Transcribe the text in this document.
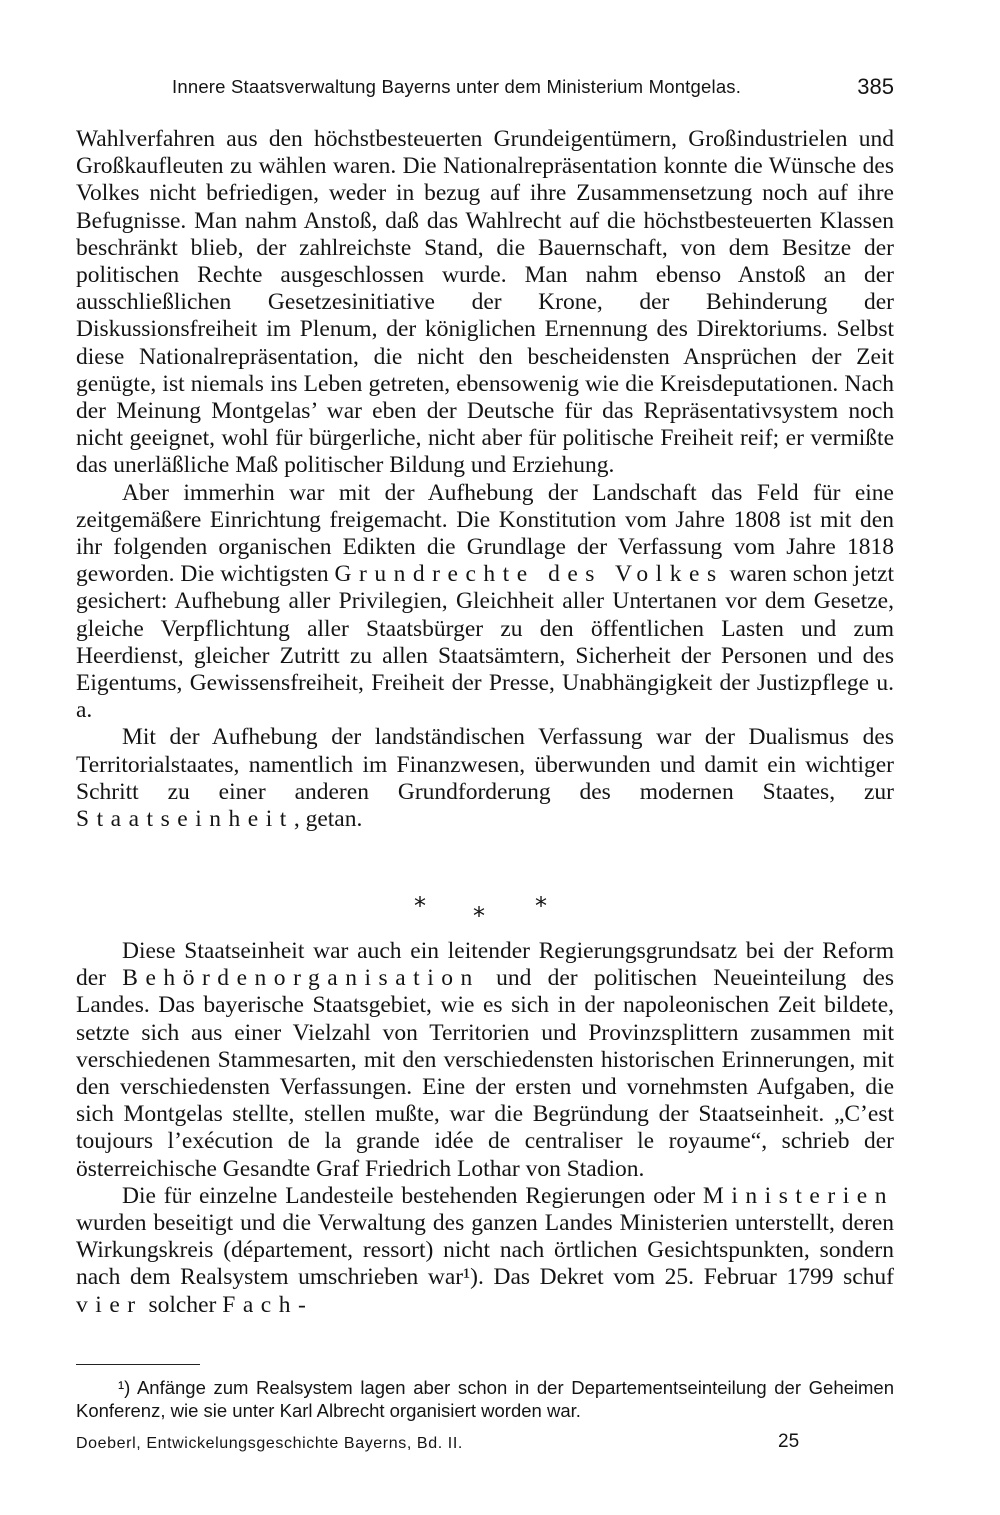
Innere Staatsverwaltung Bayerns unter dem Ministerium Montgelas.	385

Wahlverfahren aus den höchstbesteuerten Grundeigentümern, Großindustrielen und Großkaufleuten zu wählen waren. Die Nationalrepräsentation konnte die Wünsche des Volkes nicht befriedigen, weder in bezug auf ihre Zusammensetzung noch auf ihre Befugnisse. Man nahm Anstoß, daß das Wahlrecht auf die höchstbesteuerten Klassen beschränkt blieb, der zahlreichste Stand, die Bauernschaft, von dem Besitze der politischen Rechte ausgeschlossen wurde. Man nahm ebenso Anstoß an der ausschließlichen Gesetzesinitiative der Krone, der Behinderung der Diskussionsfreiheit im Plenum, der königlichen Ernennung des Direktoriums. Selbst diese Nationalrepräsentation, die nicht den bescheidensten Ansprüchen der Zeit genügte, ist niemals ins Leben getreten, ebensowenig wie die Kreisdeputationen. Nach der Meinung Montgelas’ war eben der Deutsche für das Repräsentativsystem noch nicht geeignet, wohl für bürgerliche, nicht aber für politische Freiheit reif; er vermißte das unerläßliche Maß politischer Bildung und Erziehung.

Aber immerhin war mit der Aufhebung der Landschaft das Feld für eine zeitgemäßere Einrichtung freigemacht. Die Konstitution vom Jahre 1808 ist mit den ihr folgenden organischen Edikten die Grundlage der Verfassung vom Jahre 1818 geworden. Die wichtigsten Grundrechte des Volkes waren schon jetzt gesichert: Aufhebung aller Privilegien, Gleichheit aller Untertanen vor dem Gesetze, gleiche Verpflichtung aller Staatsbürger zu den öffentlichen Lasten und zum Heerdienst, gleicher Zutritt zu allen Staatsämtern, Sicherheit der Personen und des Eigentums, Gewissensfreiheit, Freiheit der Presse, Unabhängigkeit der Justizpflege u. a.

Mit der Aufhebung der landständischen Verfassung war der Dualismus des Territorialstaates, namentlich im Finanzwesen, überwunden und damit ein wichtiger Schritt zu einer anderen Grundforderung des modernen Staates, zur Staatseinheit, getan.

* * *

Diese Staatseinheit war auch ein leitender Regierungsgrundsatz bei der Reform der Behördenorganisation und der politischen Neueinteilung des Landes. Das bayerische Staatsgebiet, wie es sich in der napoleonischen Zeit bildete, setzte sich aus einer Vielzahl von Territorien und Provinzsplittern zusammen mit verschiedenen Stammesarten, mit den verschiedensten historischen Erinnerungen, mit den verschiedensten Verfassungen. Eine der ersten und vornehmsten Aufgaben, die sich Montgelas stellte, stellen mußte, war die Begründung der Staatseinheit. „C’est toujours l’exécution de la grande idée de centraliser le royaume“, schrieb der österreichische Gesandte Graf Friedrich Lothar von Stadion.

Die für einzelne Landesteile bestehenden Regierungen oder Ministerien wurden beseitigt und die Verwaltung des ganzen Landes Ministerien unterstellt, deren Wirkungskreis (département, ressort) nicht nach örtlichen Gesichtspunkten, sondern nach dem Realsystem umschrieben war¹). Das Dekret vom 25. Februar 1799 schuf vier solcher Fach-

¹) Anfänge zum Realsystem lagen aber schon in der Departementseinteilung der Geheimen Konferenz, wie sie unter Karl Albrecht organisiert worden war.
Doeberl, Entwickelungsgeschichte Bayerns, Bd. II.	25
